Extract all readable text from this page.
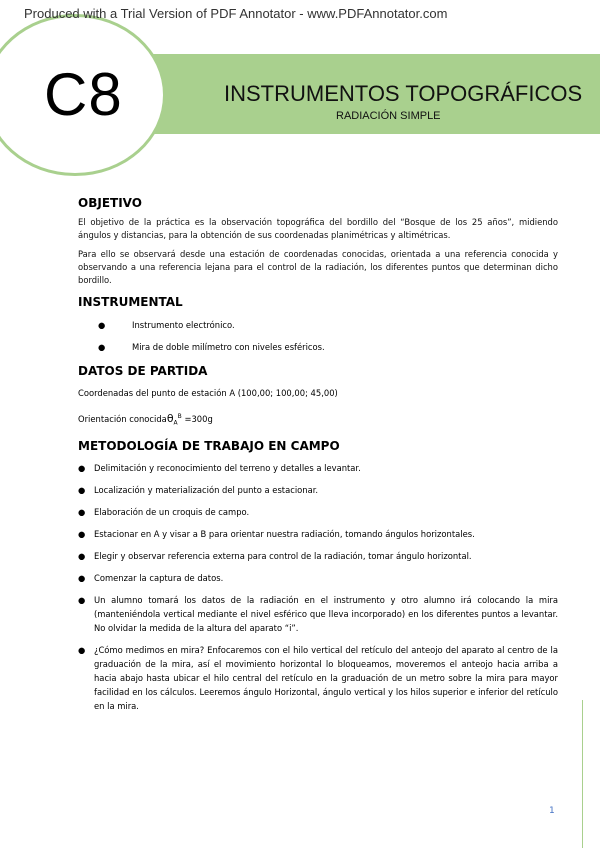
Produced with a Trial Version of PDF Annotator - www.PDFAnnotator.com
C8	INSTRUMENTOS TOPOGRÁFICOS
RADIACIÓN SIMPLE
OBJETIVO

El objetivo de la práctica es la observación topográfica del bordillo del “Bosque de los 25 años”, midiendo ángulos y distancias, para la obtención de sus coordenadas planimétricas y altimétricas.

Para ello se observará desde una estación de coordenadas conocidas, orientada a una referencia conocida y observando a una referencia lejana para el control de la radiación, los diferentes puntos que determinan dicho bordillo.

INSTRUMENTAL
●	Instrumento electrónico.
●	Mira de doble milímetro con niveles esféricos.
DATOS DE PARTIDA
Coordenadas del punto de estación A (100,00; 100,00; 45,00)
Orientación conocidaθ$_A^B$ =300g
METODOLOGÍA DE TRABAJO EN CAMPO
● Delimitación y reconocimiento del terreno y detalles a levantar.
● Localización y materialización del punto a estacionar.
● Elaboración de un croquis de campo.
● Estacionar en A y visar a B para orientar nuestra radiación, tomando ángulos horizontales.
● Elegir y observar referencia externa para control de la radiación, tomar ángulo horizontal.
● Comenzar la captura de datos.
● Un alumno tomará los datos de la radiación en el instrumento y otro alumno irá colocando la mira (manteniéndola vertical mediante el nivel esférico que lleva incorporado) en los diferentes puntos a levantar. No olvidar la medida de la altura del aparato “i”.
● ¿Cómo medimos en mira? Enfocaremos con el hilo vertical del retículo del anteojo del aparato al centro de la graduación de la mira, así el movimiento horizontal lo bloqueamos, moveremos el anteojo hacia arriba a hacia abajo hasta ubicar el hilo central del retículo en la graduación de un metro sobre la mira para mayor facilidad en los cálculos. Leeremos ángulo Horizontal, ángulo vertical y los hilos superior e inferior del retículo en la mira.
1
